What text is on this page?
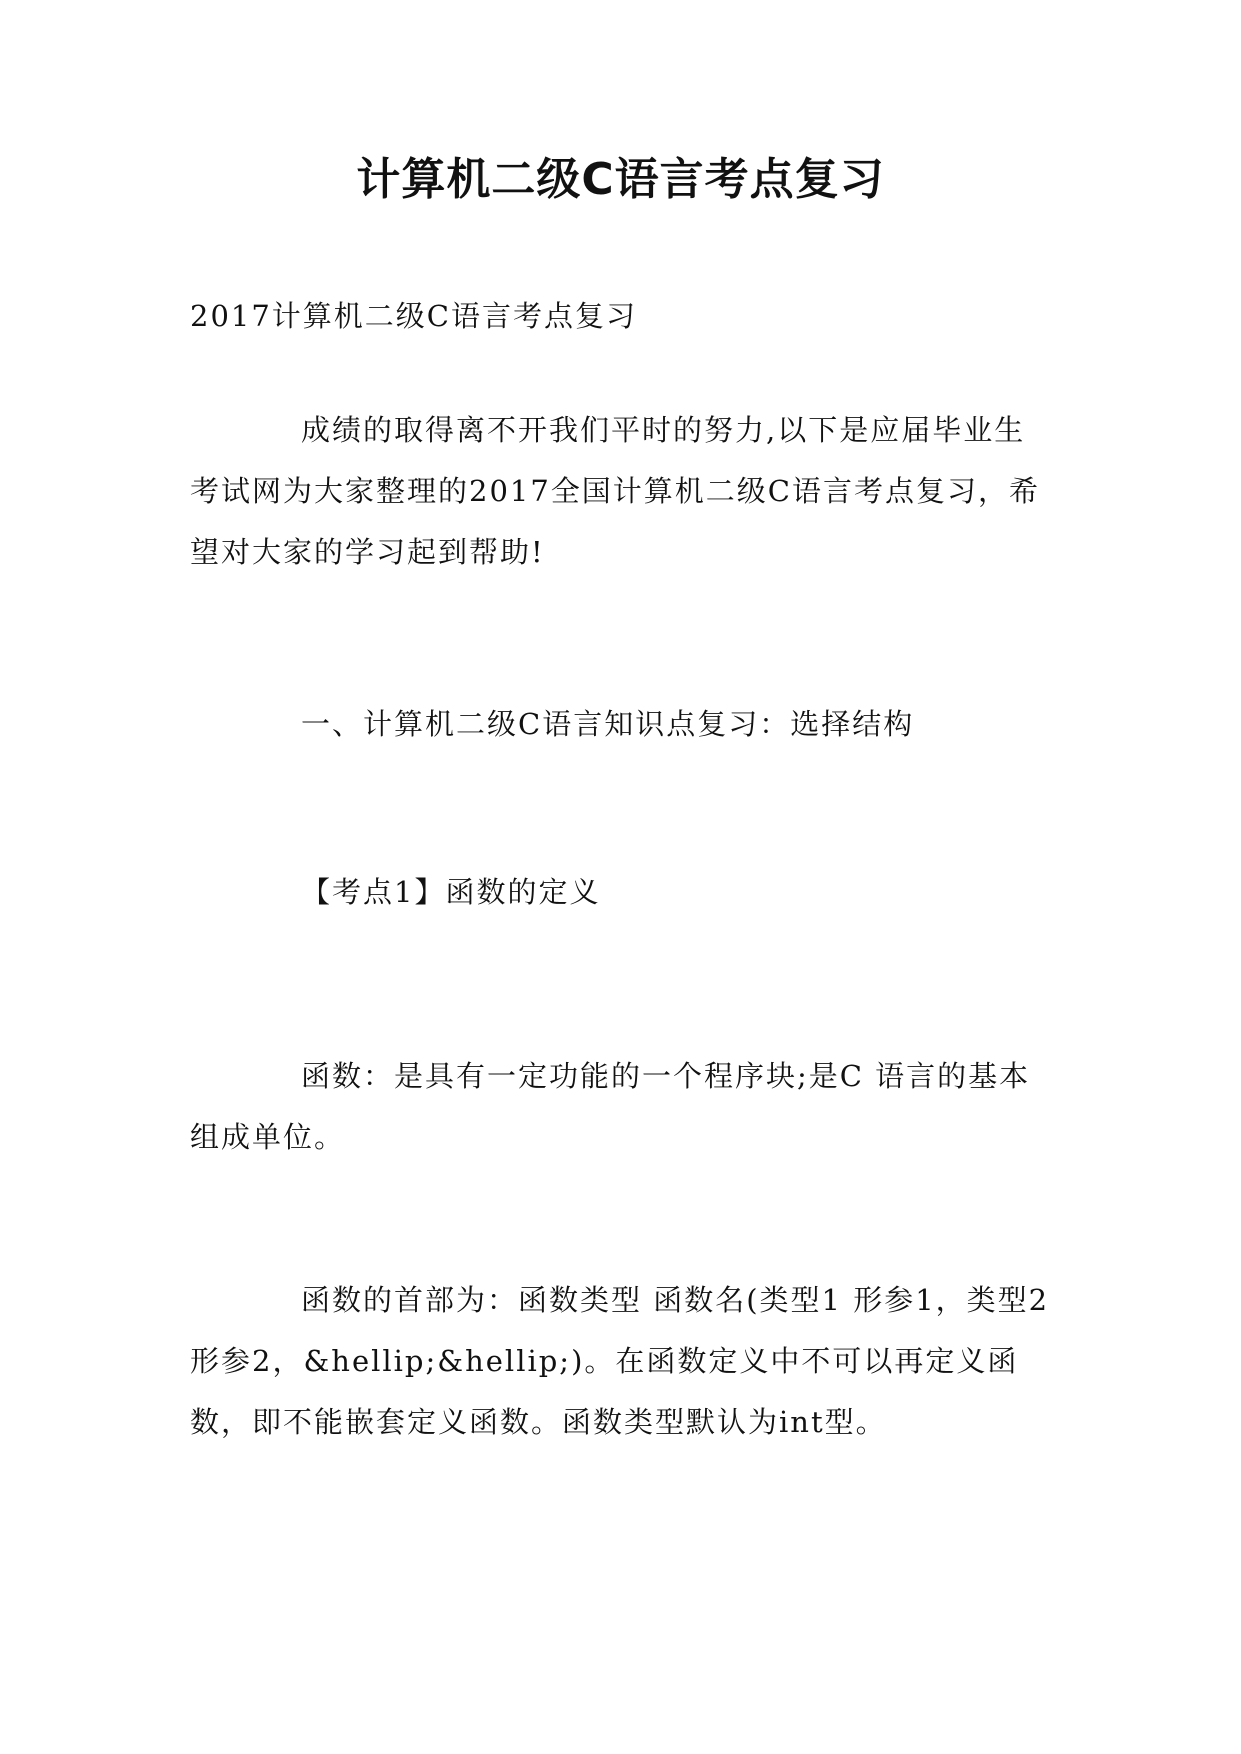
计算机二级C语言考点复习

2017计算机二级C语言考点复习

成绩的取得离不开我们平时的努力,以下是应届毕业生考试网为大家整理的2017全国计算机二级C语言考点复习，希望对大家的学习起到帮助!

一、计算机二级C语言知识点复习：选择结构

【考点1】函数的定义

函数：是具有一定功能的一个程序块;是C 语言的基本组成单位。

函数的首部为：函数类型 函数名(类型1 形参1，类型2 形参2，&hellip;&hellip;)。在函数定义中不可以再定义函数，即不能嵌套定义函数。函数类型默认为int型。
